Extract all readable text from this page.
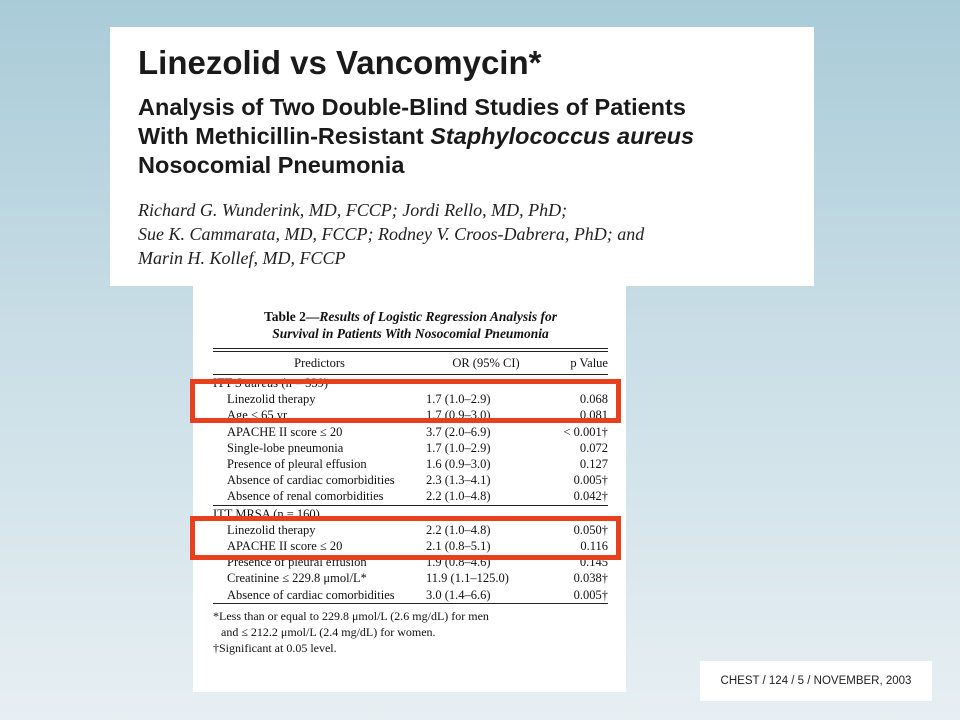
Linezolid vs Vancomycin*
Analysis of Two Double-Blind Studies of Patients
With Methicillin-Resistant Staphylococcus aureus
Nosocomial Pneumonia
Richard G. Wunderink, MD, FCCP; Jordi Rello, MD, PhD;
Sue K. Cammarata, MD, FCCP; Rodney V. Croos-Dabrera, PhD; and
Marin H. Kollef, MD, FCCP
Table 2—Results of Logistic Regression Analysis for
Survival in Patients With Nosocomial Pneumonia
Predictors	OR (95% CI)	p Value
ITT S aureus (n = 339)		
Linezolid therapy	1.7 (1.0–2.9)	0.068
Age < 65 yr	1.7 (0.9–3.0)	0.081
APACHE II score ≤ 20	3.7 (2.0–6.9)	< 0.001†
Single-lobe pneumonia	1.7 (1.0–2.9)	0.072
Presence of pleural effusion	1.6 (0.9–3.0)	0.127
Absence of cardiac comorbidities	2.3 (1.3–4.1)	0.005†
Absence of renal comorbidities	2.2 (1.0–4.8)	0.042†
ITT MRSA (n = 160)		
Linezolid therapy	2.2 (1.0–4.8)	0.050†
APACHE II score ≤ 20	2.1 (0.8–5.1)	0.116
Presence of pleural effusion	1.9 (0.8–4.6)	0.145
Creatinine ≤ 229.8 μmol/L*	11.9 (1.1–125.0)	0.038†
Absence of cardiac comorbidities	3.0 (1.4–6.6)	0.005†
*Less than or equal to 229.8 μmol/L (2.6 mg/dL) for men
and ≤ 212.2 μmol/L (2.4 mg/dL) for women.
†Significant at 0.05 level.
CHEST / 124 / 5 / NOVEMBER, 2003
